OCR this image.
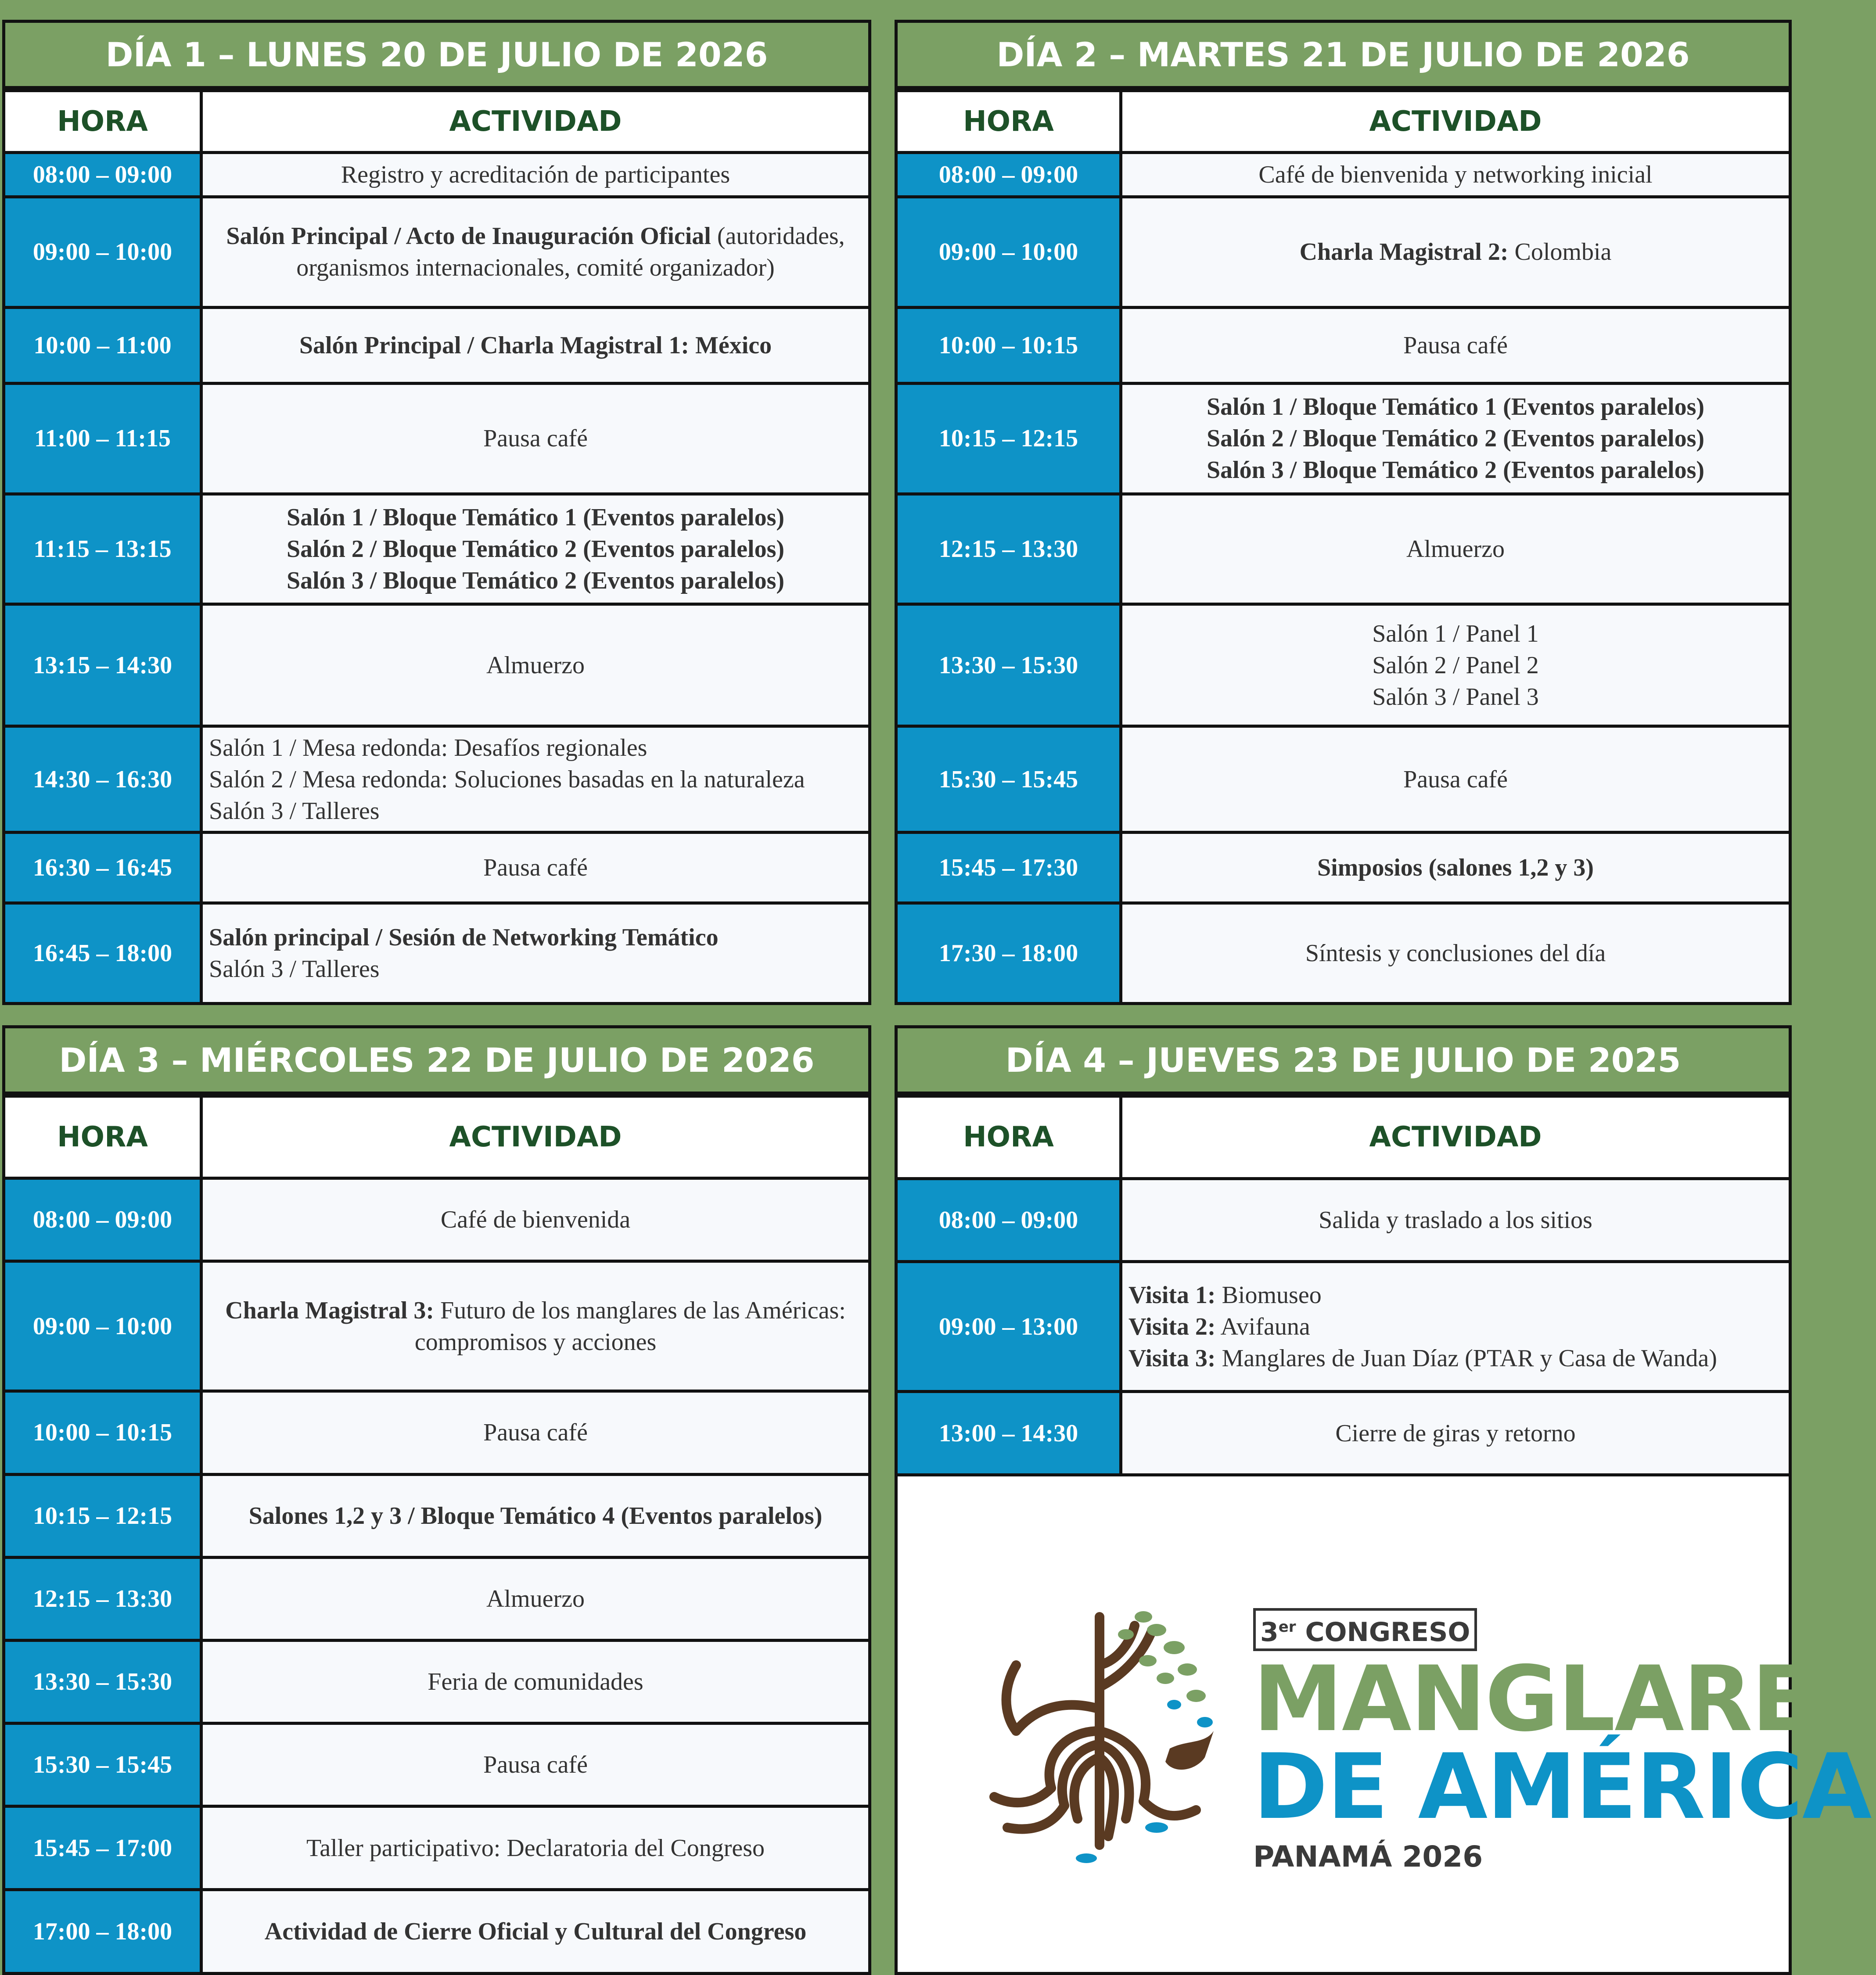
DÍA 1 – LUNES 20 DE JULIO DE 2026
HORA	ACTIVIDAD
08:00 – 09:00	Registro y acreditación de participantes

09:00 – 10:00	Salón Principal / Acto de Inauguración Oficial (autoridades, organismos internacionales, comité organizador)

10:00 – 11:00	Salón Principal / Charla Magistral 1: México

11:00 – 11:15	Pausa café

11:15 – 13:15	Salón 1 / Bloque Temático 1 (Eventos paralelos)
Salón 2 / Bloque Temático 2 (Eventos paralelos)
Salón 3 / Bloque Temático 2 (Eventos paralelos)

13:15 – 14:30	Almuerzo

14:30 – 16:30	Salón 1 / Mesa redonda: Desafíos regionales
Salón 2 / Mesa redonda: Soluciones basadas en la naturaleza
Salón 3 / Talleres

16:30 – 16:45	Pausa café

16:45 – 18:00	Salón principal / Sesión de Networking Temático
Salón 3 / Talleres
DÍA 2 – MARTES 21 DE JULIO DE 2026
HORA	ACTIVIDAD
08:00 – 09:00	Café de bienvenida y networking inicial

09:00 – 10:00	Charla Magistral 2: Colombia

10:00 – 10:15	Pausa café

10:15 – 12:15	Salón 1 / Bloque Temático 1 (Eventos paralelos)
Salón 2 / Bloque Temático 2 (Eventos paralelos)
Salón 3 / Bloque Temático 2 (Eventos paralelos)

12:15 – 13:30	Almuerzo

13:30 – 15:30	Salón 1 / Panel 1
Salón 2 / Panel 2
Salón 3 / Panel 3

15:30 – 15:45	Pausa café

15:45 – 17:30	Simposios (salones 1,2 y 3)

17:30 – 18:00	Síntesis y conclusiones del día
DÍA 3 – MIÉRCOLES 22 DE JULIO DE 2026
HORA	ACTIVIDAD
08:00 – 09:00	Café de bienvenida

09:00 – 10:00	Charla Magistral 3: Futuro de los manglares de las Américas: compromisos y acciones

10:00 – 10:15	Pausa café

10:15 – 12:15	Salones 1,2 y 3 / Bloque Temático 4 (Eventos paralelos)

12:15 – 13:30	Almuerzo

13:30 – 15:30	Feria de comunidades

15:30 – 15:45	Pausa café

15:45 – 17:00	Taller participativo: Declaratoria del Congreso

17:00 – 18:00	Actividad de Cierre Oficial y Cultural del Congreso
DÍA 4 – JUEVES 23 DE JULIO DE 2025
HORA	ACTIVIDAD
08:00 – 09:00	Salida y traslado a los sitios

09:00 – 13:00	Visita 1: Biomuseo
Visita 2: Avifauna
Visita 3: Manglares de Juan Díaz (PTAR y Casa de Wanda)

13:00 – 14:30	Cierre de giras y retorno
3er CONGRESO
MANGLARES
DE AMÉRICA
PANAMÁ 2026
